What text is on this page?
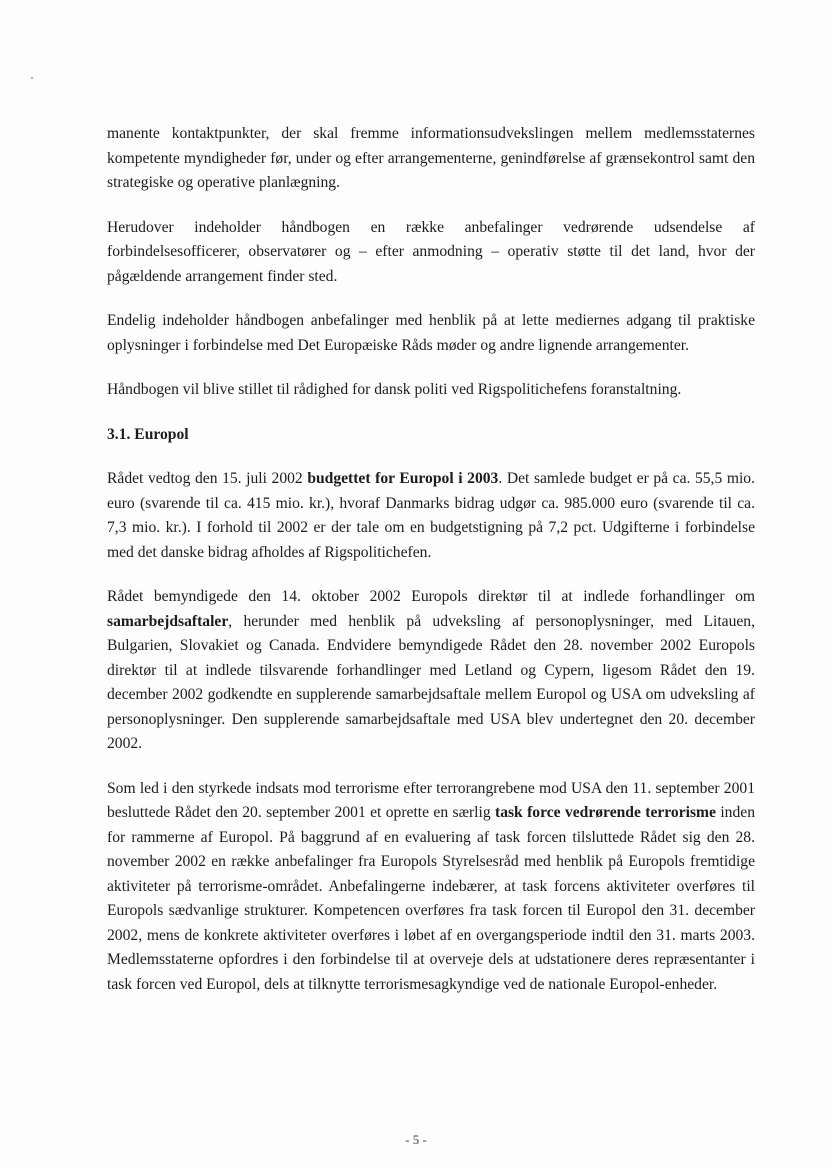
manente kontaktpunkter, der skal fremme informationsudvekslingen mellem medlemsstaternes kompetente myndigheder før, under og efter arrangementerne, genindførelse af grænsekontrol samt den strategiske og operative planlægning.

Herudover indeholder håndbogen en række anbefalinger vedrørende udsendelse af forbindelsesofficerer, observatører og – efter anmodning – operativ støtte til det land, hvor der pågældende arrangement finder sted.

Endelig indeholder håndbogen anbefalinger med henblik på at lette mediernes adgang til praktiske oplysninger i forbindelse med Det Europæiske Råds møder og andre lignende arrangementer.

Håndbogen vil blive stillet til rådighed for dansk politi ved Rigspolitichefens foranstaltning.

3.1. Europol

Rådet vedtog den 15. juli 2002 budgettet for Europol i 2003. Det samlede budget er på ca. 55,5 mio. euro (svarende til ca. 415 mio. kr.), hvoraf Danmarks bidrag udgør ca. 985.000 euro (svarende til ca. 7,3 mio. kr.). I forhold til 2002 er der tale om en budgetstigning på 7,2 pct. Udgifterne i forbindelse med det danske bidrag afholdes af Rigspolitichefen.

Rådet bemyndigede den 14. oktober 2002 Europols direktør til at indlede forhandlinger om samarbejdsaftaler, herunder med henblik på udveksling af personoplysninger, med Litauen, Bulgarien, Slovakiet og Canada. Endvidere bemyndigede Rådet den 28. november 2002 Europols direktør til at indlede tilsvarende forhandlinger med Letland og Cypern, ligesom Rådet den 19. december 2002 godkendte en supplerende samarbejdsaftale mellem Europol og USA om udveksling af personoplysninger. Den supplerende samarbejdsaftale med USA blev undertegnet den 20. december 2002.

Som led i den styrkede indsats mod terrorisme efter terrorangrebene mod USA den 11. september 2001 besluttede Rådet den 20. september 2001 et oprette en særlig task force vedrørende terrorisme inden for rammerne af Europol. På baggrund af en evaluering af task forcen tilsluttede Rådet sig den 28. november 2002 en række anbefalinger fra Europols Styrelsesråd med henblik på Europols fremtidige aktiviteter på terrorisme-området. Anbefalingerne indebærer, at task forcens aktiviteter overføres til Europols sædvanlige strukturer. Kompetencen overføres fra task forcen til Europol den 31. december 2002, mens de konkrete aktiviteter overføres i løbet af en overgangsperiode indtil den 31. marts 2003. Medlemsstaterne opfordres i den forbindelse til at overveje dels at udstationere deres repræsentanter i task forcen ved Europol, dels at tilknytte terrorismesagkyndige ved de nationale Europol-enheder.

- 5 -
